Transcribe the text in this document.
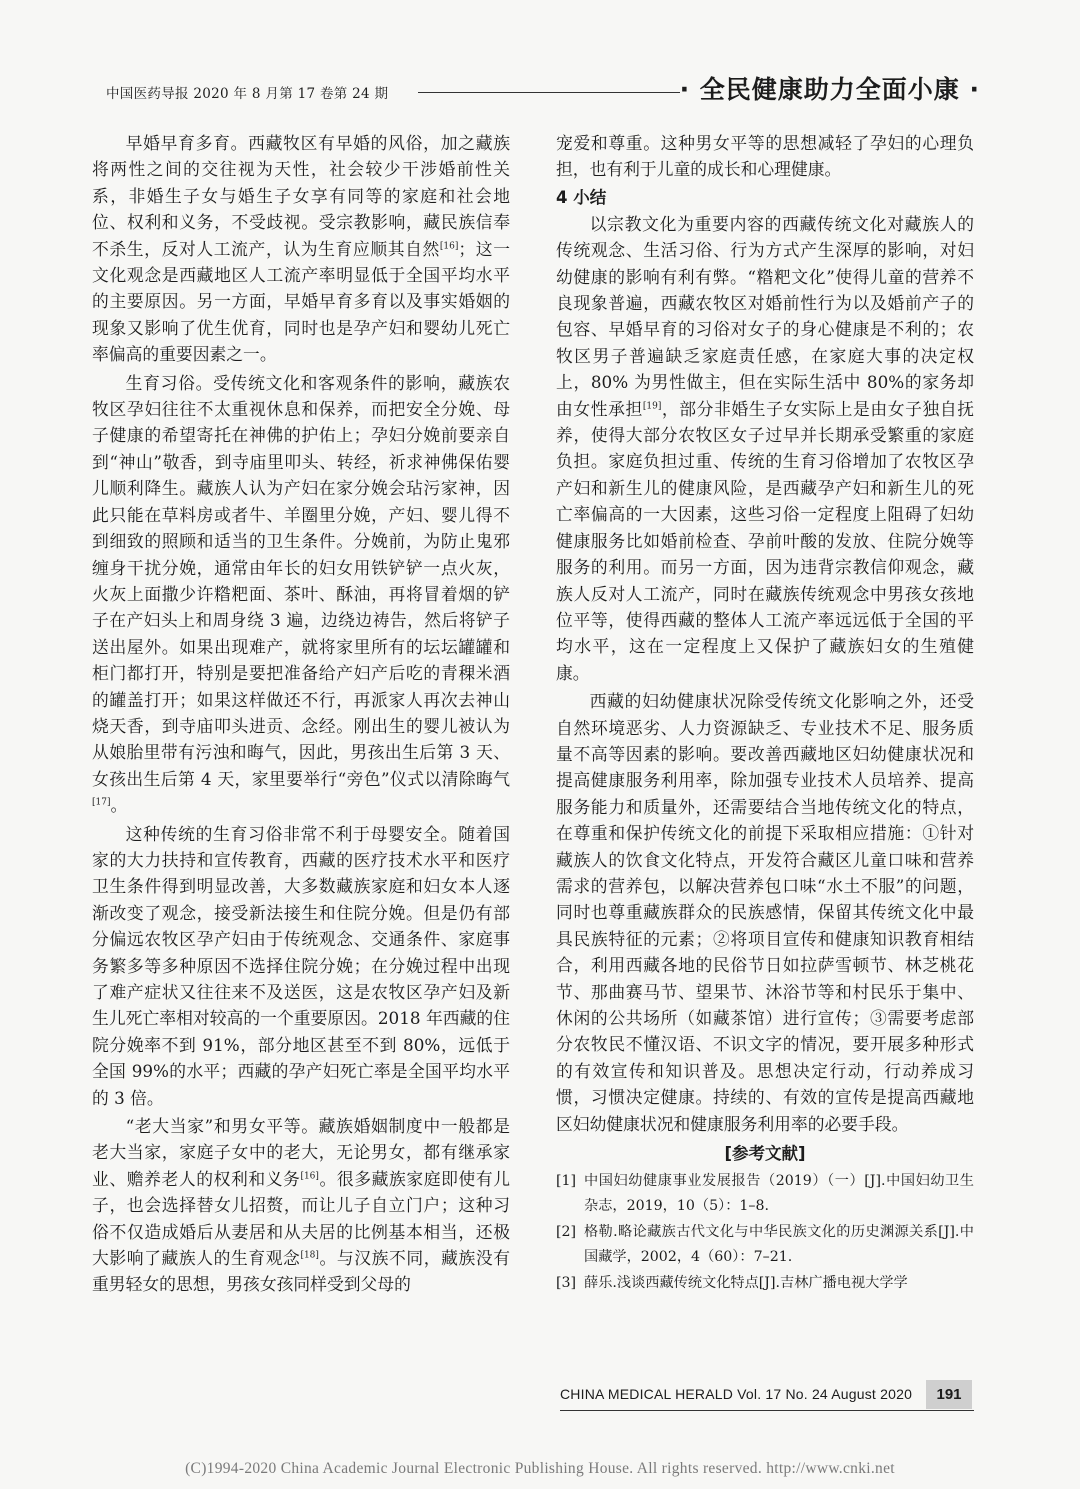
中国医药导报 2020 年 8 月第 17 卷第 24 期	· 全民健康助力全面小康 ·

早婚早育多育。西藏牧区有早婚的风俗，加之藏族将两性之间的交往视为天性，社会较少干涉婚前性关系，非婚生子女与婚生子女享有同等的家庭和社会地位、权利和义务，不受歧视。受宗教影响，藏民族信奉不杀生，反对人工流产，认为生育应顺其自然[16]；这一文化观念是西藏地区人工流产率明显低于全国平均水平的主要原因。另一方面，早婚早育多育以及事实婚姻的现象又影响了优生优育，同时也是孕产妇和婴幼儿死亡率偏高的重要因素之一。

生育习俗。受传统文化和客观条件的影响，藏族农牧区孕妇往往不太重视休息和保养，而把安全分娩、母子健康的希望寄托在神佛的护佑上；孕妇分娩前要亲自到“神山”敬香，到寺庙里叩头、转经，祈求神佛保佑婴儿顺利降生。藏族人认为产妇在家分娩会玷污家神，因此只能在草料房或者牛、羊圈里分娩，产妇、婴儿得不到细致的照顾和适当的卫生条件。分娩前，为防止鬼邪缠身干扰分娩，通常由年长的妇女用铁铲铲一点火灰，火灰上面撒少许糌粑面、茶叶、酥油，再将冒着烟的铲子在产妇头上和周身绕 3 遍，边绕边祷告，然后将铲子送出屋外。如果出现难产，就将家里所有的坛坛罐罐和柜门都打开，特别是要把准备给产妇产后吃的青稞米酒的罐盖打开；如果这样做还不行，再派家人再次去神山烧天香，到寺庙叩头进贡、念经。刚出生的婴儿被认为从娘胎里带有污浊和晦气，因此，男孩出生后第 3 天、女孩出生后第 4 天，家里要举行“旁色”仪式以清除晦气[17]。

这种传统的生育习俗非常不利于母婴安全。随着国家的大力扶持和宣传教育，西藏的医疗技术水平和医疗卫生条件得到明显改善，大多数藏族家庭和妇女本人逐渐改变了观念，接受新法接生和住院分娩。但是仍有部分偏远农牧区孕产妇由于传统观念、交通条件、家庭事务繁多等多种原因不选择住院分娩；在分娩过程中出现了难产症状又往往来不及送医，这是农牧区孕产妇及新生儿死亡率相对较高的一个重要原因。2018 年西藏的住院分娩率不到 91%，部分地区甚至不到 80%，远低于全国 99%的水平；西藏的孕产妇死亡率是全国平均水平的 3 倍。

“老大当家”和男女平等。藏族婚姻制度中一般都是老大当家，家庭子女中的老大，无论男女，都有继承家业、赡养老人的权利和义务[16]。很多藏族家庭即使有儿子，也会选择替女儿招赘，而让儿子自立门户；这种习俗不仅造成婚后从妻居和从夫居的比例基本相当，还极大影响了藏族人的生育观念[18]。与汉族不同，藏族没有重男轻女的思想，男孩女孩同样受到父母的

宠爱和尊重。这种男女平等的思想减轻了孕妇的心理负担，也有利于儿童的成长和心理健康。

4 小结

以宗教文化为重要内容的西藏传统文化对藏族人的传统观念、生活习俗、行为方式产生深厚的影响，对妇幼健康的影响有利有弊。“糌粑文化”使得儿童的营养不良现象普遍，西藏农牧区对婚前性行为以及婚前产子的包容、早婚早育的习俗对女子的身心健康是不利的；农牧区男子普遍缺乏家庭责任感，在家庭大事的决定权上，80% 为男性做主，但在实际生活中 80%的家务却由女性承担[19]，部分非婚生子女实际上是由女子独自抚养，使得大部分农牧区女子过早并长期承受繁重的家庭负担。家庭负担过重、传统的生育习俗增加了农牧区孕产妇和新生儿的健康风险，是西藏孕产妇和新生儿的死亡率偏高的一大因素，这些习俗一定程度上阻碍了妇幼健康服务比如婚前检查、孕前叶酸的发放、住院分娩等服务的利用。而另一方面，因为违背宗教信仰观念，藏族人反对人工流产，同时在藏族传统观念中男孩女孩地位平等，使得西藏的整体人工流产率远远低于全国的平均水平，这在一定程度上又保护了藏族妇女的生殖健康。

西藏的妇幼健康状况除受传统文化影响之外，还受自然环境恶劣、人力资源缺乏、专业技术不足、服务质量不高等因素的影响。要改善西藏地区妇幼健康状况和提高健康服务利用率，除加强专业技术人员培养、提高服务能力和质量外，还需要结合当地传统文化的特点，在尊重和保护传统文化的前提下采取相应措施：①针对藏族人的饮食文化特点，开发符合藏区儿童口味和营养需求的营养包，以解决营养包口味“水土不服”的问题，同时也尊重藏族群众的民族感情，保留其传统文化中最具民族特征的元素；②将项目宣传和健康知识教育相结合，利用西藏各地的民俗节日如拉萨雪顿节、林芝桃花节、那曲赛马节、望果节、沐浴节等和村民乐于集中、休闲的公共场所（如藏茶馆）进行宣传；③需要考虑部分农牧民不懂汉语、不识文字的情况，要开展多种形式的有效宣传和知识普及。思想决定行动，行动养成习惯，习惯决定健康。持续的、有效的宣传是提高西藏地区妇幼健康状况和健康服务利用率的必要手段。

[参考文献]
[1] 中国妇幼健康事业发展报告（2019）（一）[J].中国妇幼卫生杂志，2019，10（5）：1–8.
[2] 格勒.略论藏族古代文化与中华民族文化的历史渊源关系[J].中国藏学，2002，4（60）：7–21.
[3] 薛乐.浅谈西藏传统文化特点[J].吉林广播电视大学学
CHINA MEDICAL HERALD Vol. 17 No. 24 August 2020	191
(C)1994-2020 China Academic Journal Electronic Publishing House. All rights reserved. http://www.cnki.net
